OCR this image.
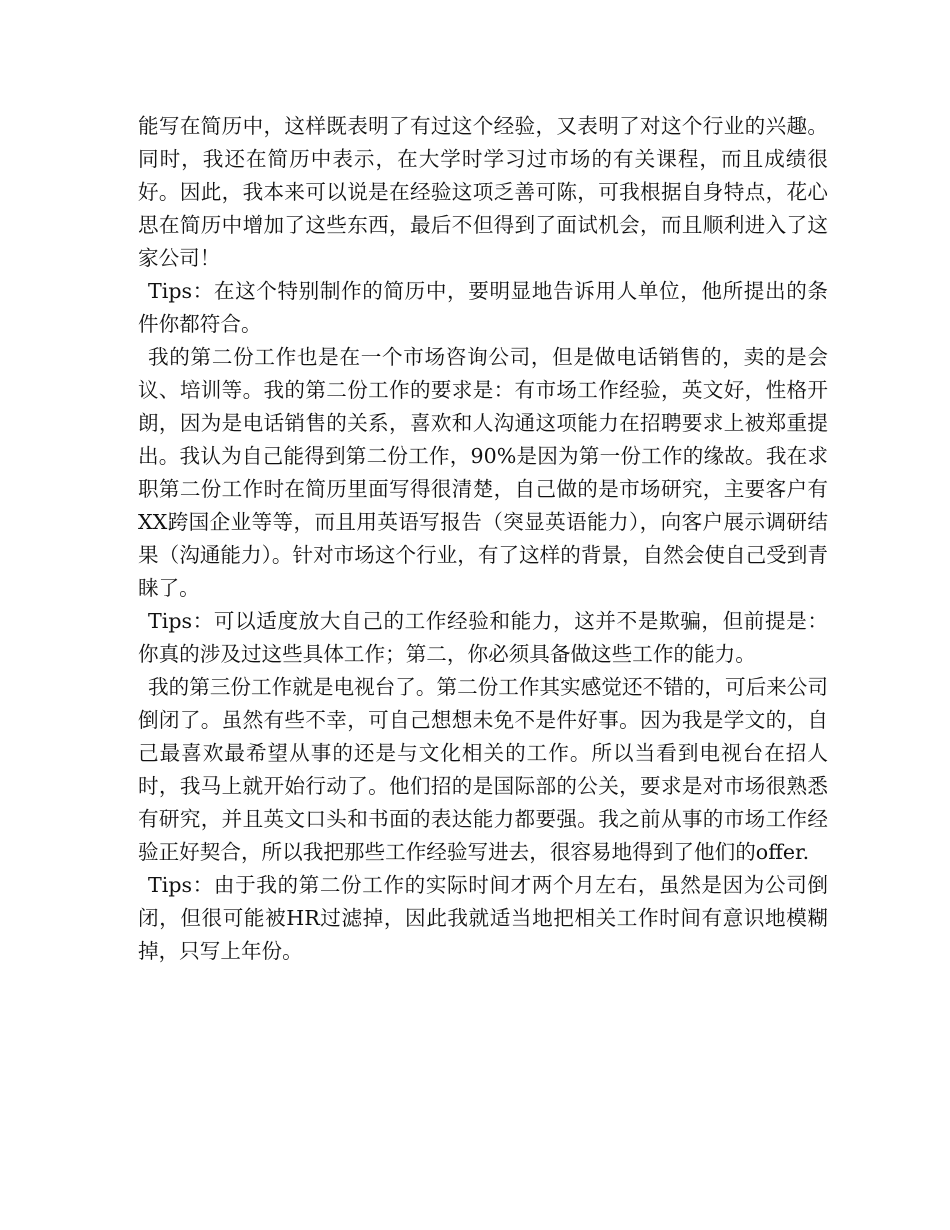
能写在简历中，这样既表明了有过这个经验，又表明了对这个行业的兴趣。同时，我还在简历中表示，在大学时学习过市场的有关课程，而且成绩很好。因此，我本来可以说是在经验这项乏善可陈，可我根据自身特点，花心思在简历中增加了这些东西，最后不但得到了面试机会，而且顺利进入了这家公司！

Tips：在这个特别制作的简历中，要明显地告诉用人单位，他所提出的条件你都符合。

我的第二份工作也是在一个市场咨询公司，但是做电话销售的，卖的是会议、培训等。我的第二份工作的要求是：有市场工作经验，英文好，性格开朗，因为是电话销售的关系，喜欢和人沟通这项能力在招聘要求上被郑重提出。我认为自己能得到第二份工作，90%是因为第一份工作的缘故。我在求职第二份工作时在简历里面写得很清楚，自己做的是市场研究，主要客户有XX跨国企业等等，而且用英语写报告（突显英语能力），向客户展示调研结果（沟通能力）。针对市场这个行业，有了这样的背景，自然会使自己受到青睐了。

Tips：可以适度放大自己的工作经验和能力，这并不是欺骗，但前提是：你真的涉及过这些具体工作；第二，你必须具备做这些工作的能力。

我的第三份工作就是电视台了。第二份工作其实感觉还不错的，可后来公司倒闭了。虽然有些不幸，可自己想想未免不是件好事。因为我是学文的，自己最喜欢最希望从事的还是与文化相关的工作。所以当看到电视台在招人时，我马上就开始行动了。他们招的是国际部的公关，要求是对市场很熟悉有研究，并且英文口头和书面的表达能力都要强。我之前从事的市场工作经验正好契合，所以我把那些工作经验写进去，很容易地得到了他们的offer.

Tips：由于我的第二份工作的实际时间才两个月左右，虽然是因为公司倒闭，但很可能被HR过滤掉，因此我就适当地把相关工作时间有意识地模糊掉，只写上年份。
